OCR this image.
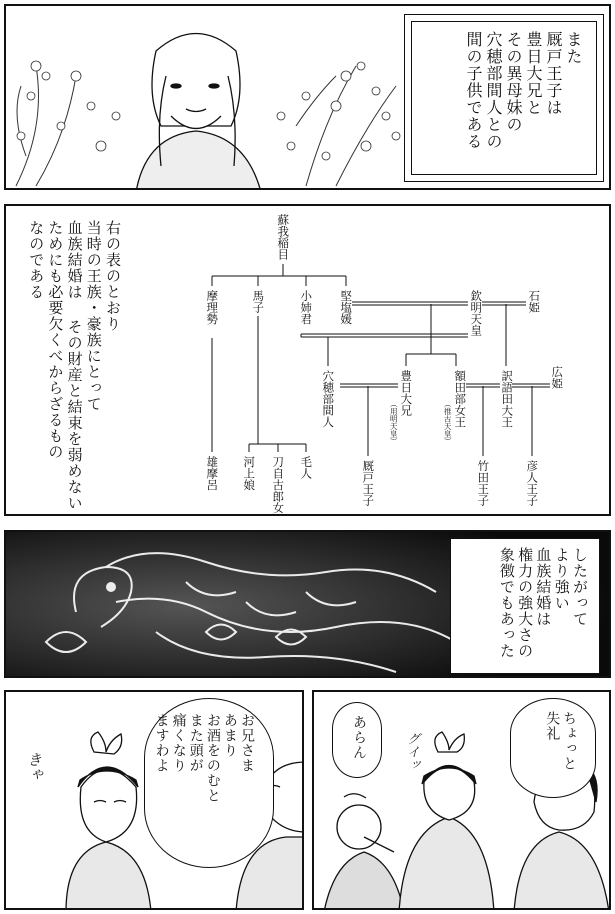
また
厩戸王子は
豊日大兄と
その異母妹の
穴穂部間人との
間の子供である
右の表のとおり
当時の王族・豪族にとって
血族結婚は その財産と結束を弱めない
ためにも必要欠くべからざるもの
なのである	蘇我稲目
摩理勢	馬子	小姉君 堅塩媛	欽明天皇	石姫
広姫
穴穂部間人	豊日大兄
（用明天皇）	額田部女王
（推古天皇）	訳語田大王
厩戸王子	竹田王子	彦人王子
毛人
刀自古郎女
河上娘
雄摩呂
したがって
より強い
血族結婚は
権力の強大さの
象徴でもあった
きゃ	お兄さま
あまり
お酒をのむと
また頭が
痛くなり
ますわよ	グイッ	ちょっと
失礼
あらん
